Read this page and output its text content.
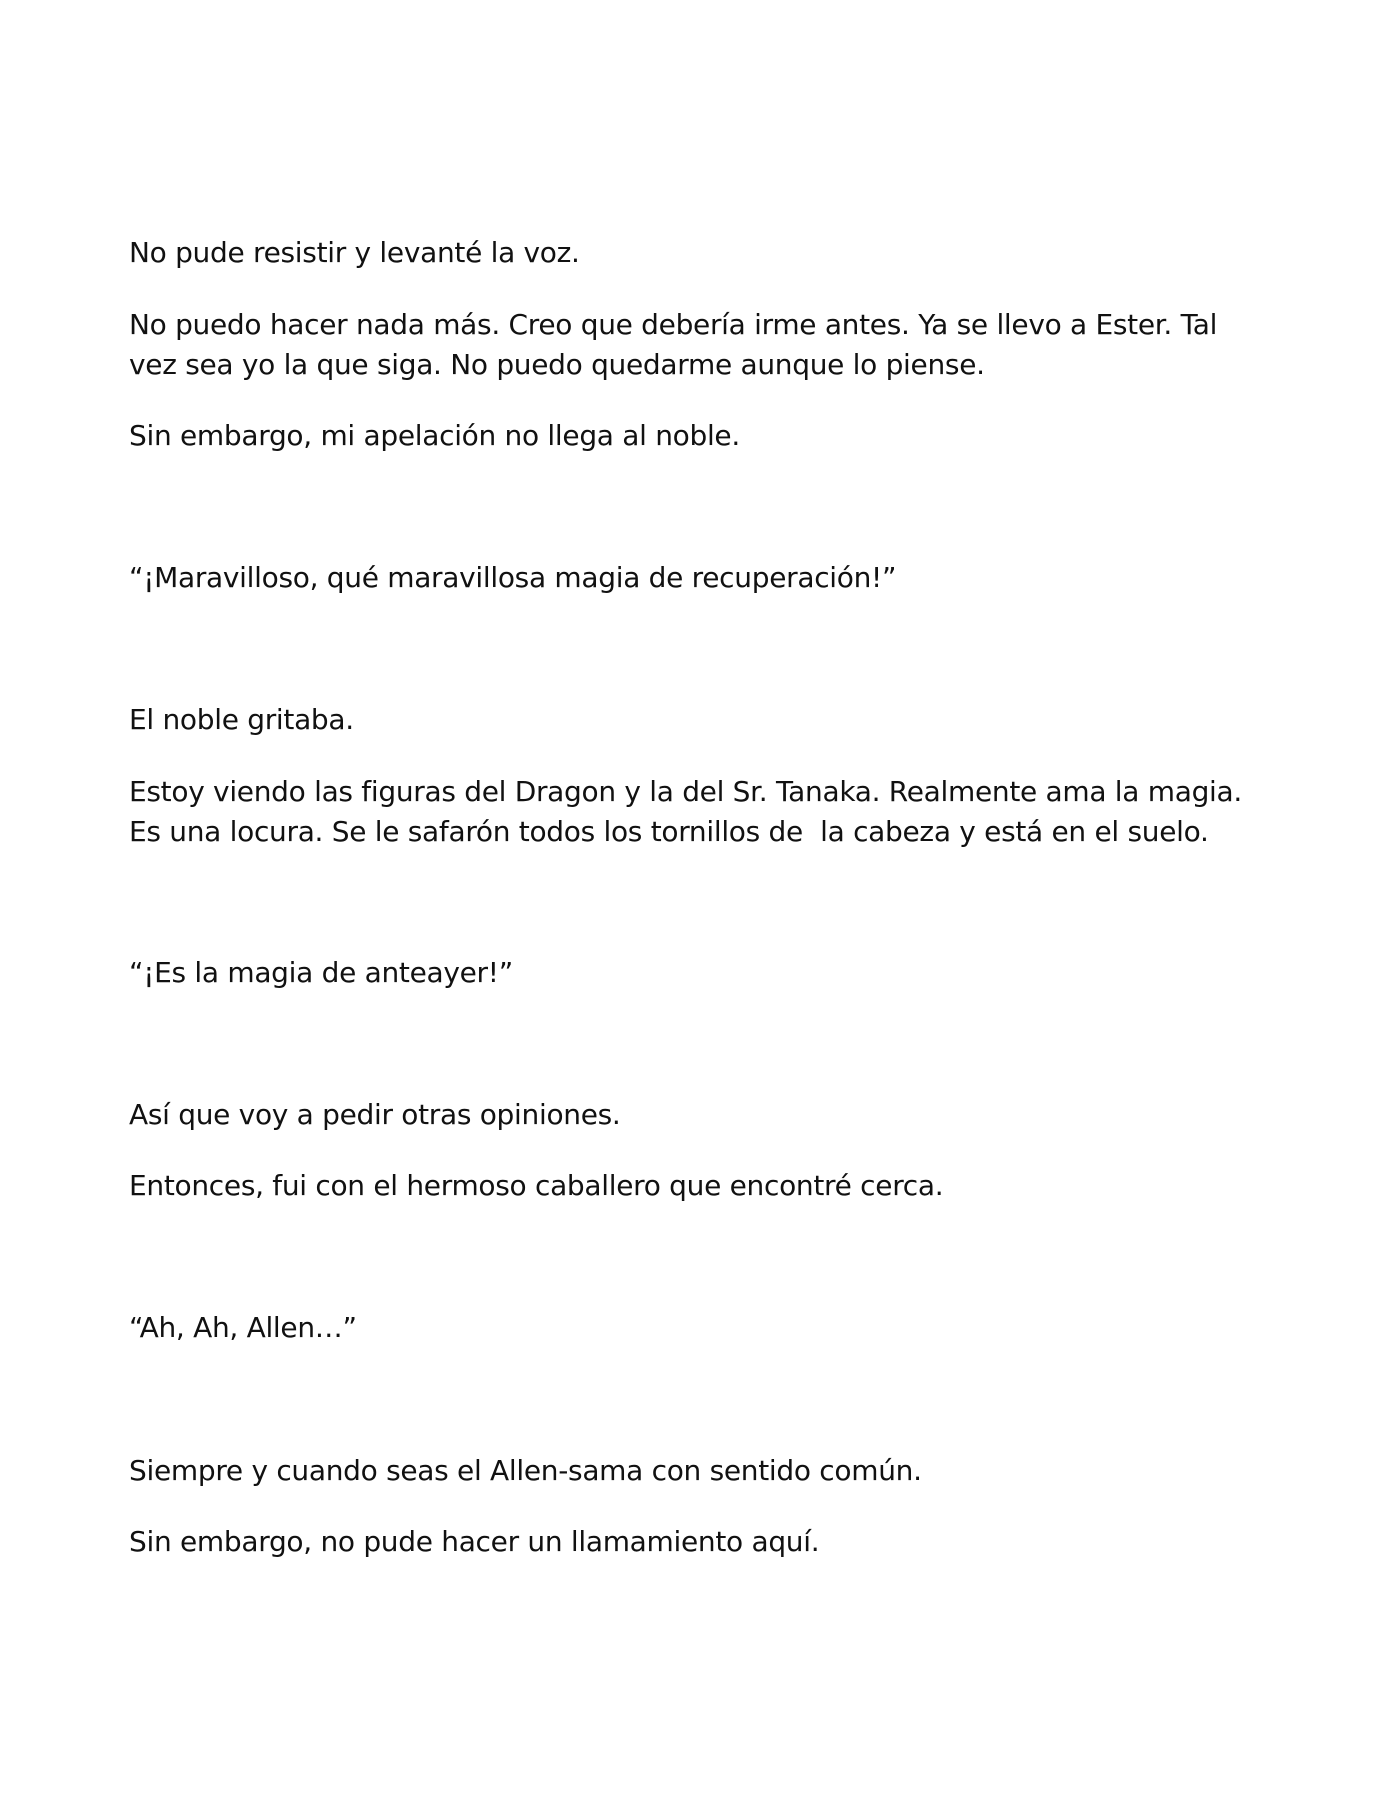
No pude resistir y levanté la voz.

No puedo hacer nada más. Creo que debería irme antes. Ya se llevo a Ester. Tal vez sea yo la que siga. No puedo quedarme aunque lo piense.

Sin embargo, mi apelación no llega al noble.

“¡Maravilloso, qué maravillosa magia de recuperación!”

El noble gritaba.

Estoy viendo las figuras del Dragon y la del Sr. Tanaka. Realmente ama la magia. Es una locura. Se le safarón todos los tornillos de  la cabeza y está en el suelo.

“¡Es la magia de anteayer!”

Así que voy a pedir otras opiniones.

Entonces, fui con el hermoso caballero que encontré cerca.

“Ah, Ah, Allen…”

Siempre y cuando seas el Allen-sama con sentido común.

Sin embargo, no pude hacer un llamamiento aquí.
